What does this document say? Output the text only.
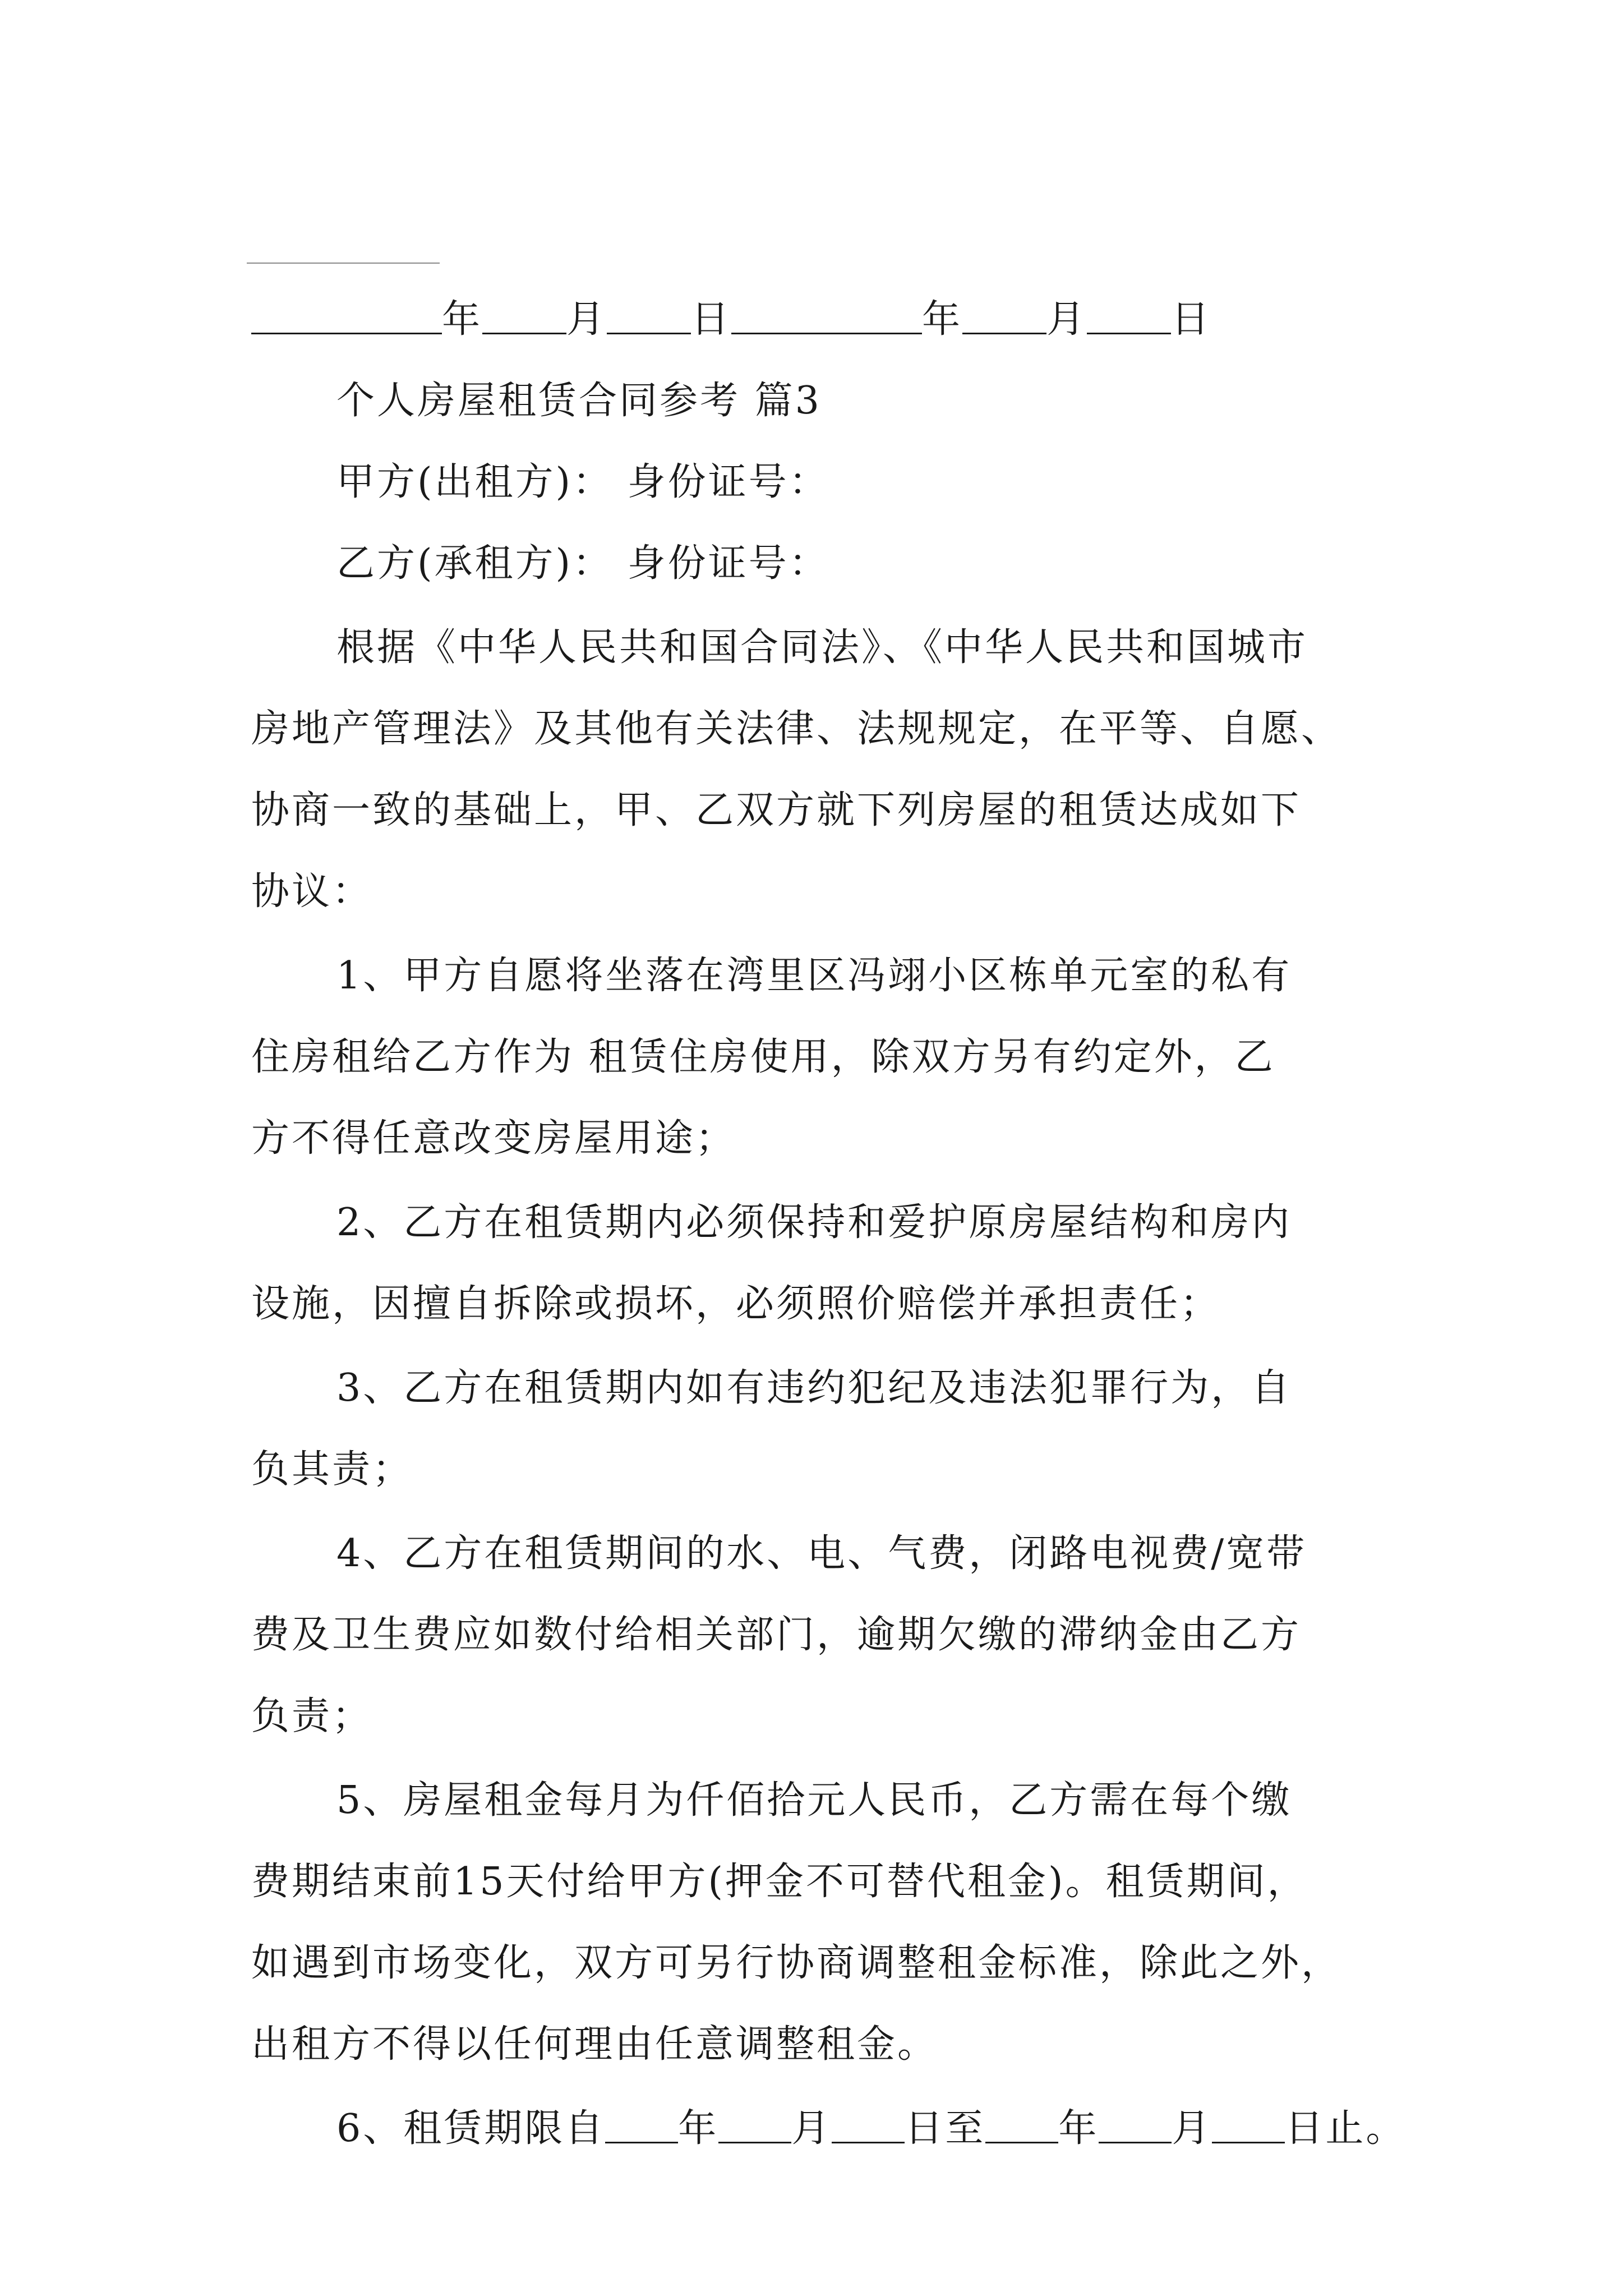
年 月 日	年 月 日
个人房屋租赁合同参考 篇3
甲方(出租方)： 身份证号：
乙方(承租方)： 身份证号：
根据《中华人民共和国合同法》、《中华人民共和国城市
房地产管理法》及其他有关法律、法规规定，在平等、自愿、
协商一致的基础上，甲、乙双方就下列房屋的租赁达成如下
协议：
1、甲方自愿将坐落在湾里区冯翊小区栋单元室的私有
住房租给乙方作为 租赁住房使用，除双方另有约定外，乙
方不得任意改变房屋用途；
2、乙方在租赁期内必须保持和爱护原房屋结构和房内
设施，因擅自拆除或损坏，必须照价赔偿并承担责任；
3、乙方在租赁期内如有违约犯纪及违法犯罪行为，自
负其责；
4、乙方在租赁期间的水、电、气费，闭路电视费/宽带
费及卫生费应如数付给相关部门，逾期欠缴的滞纳金由乙方
负责；
5、房屋租金每月为仟佰拾元人民币，乙方需在每个缴
费期结束前15天付给甲方(押金不可替代租金)。租赁期间，
如遇到市场变化，双方可另行协商调整租金标准，除此之外，
出租方不得以任何理由任意调整租金。
6、租赁期限自 年 月 日至 年 月 日止。
